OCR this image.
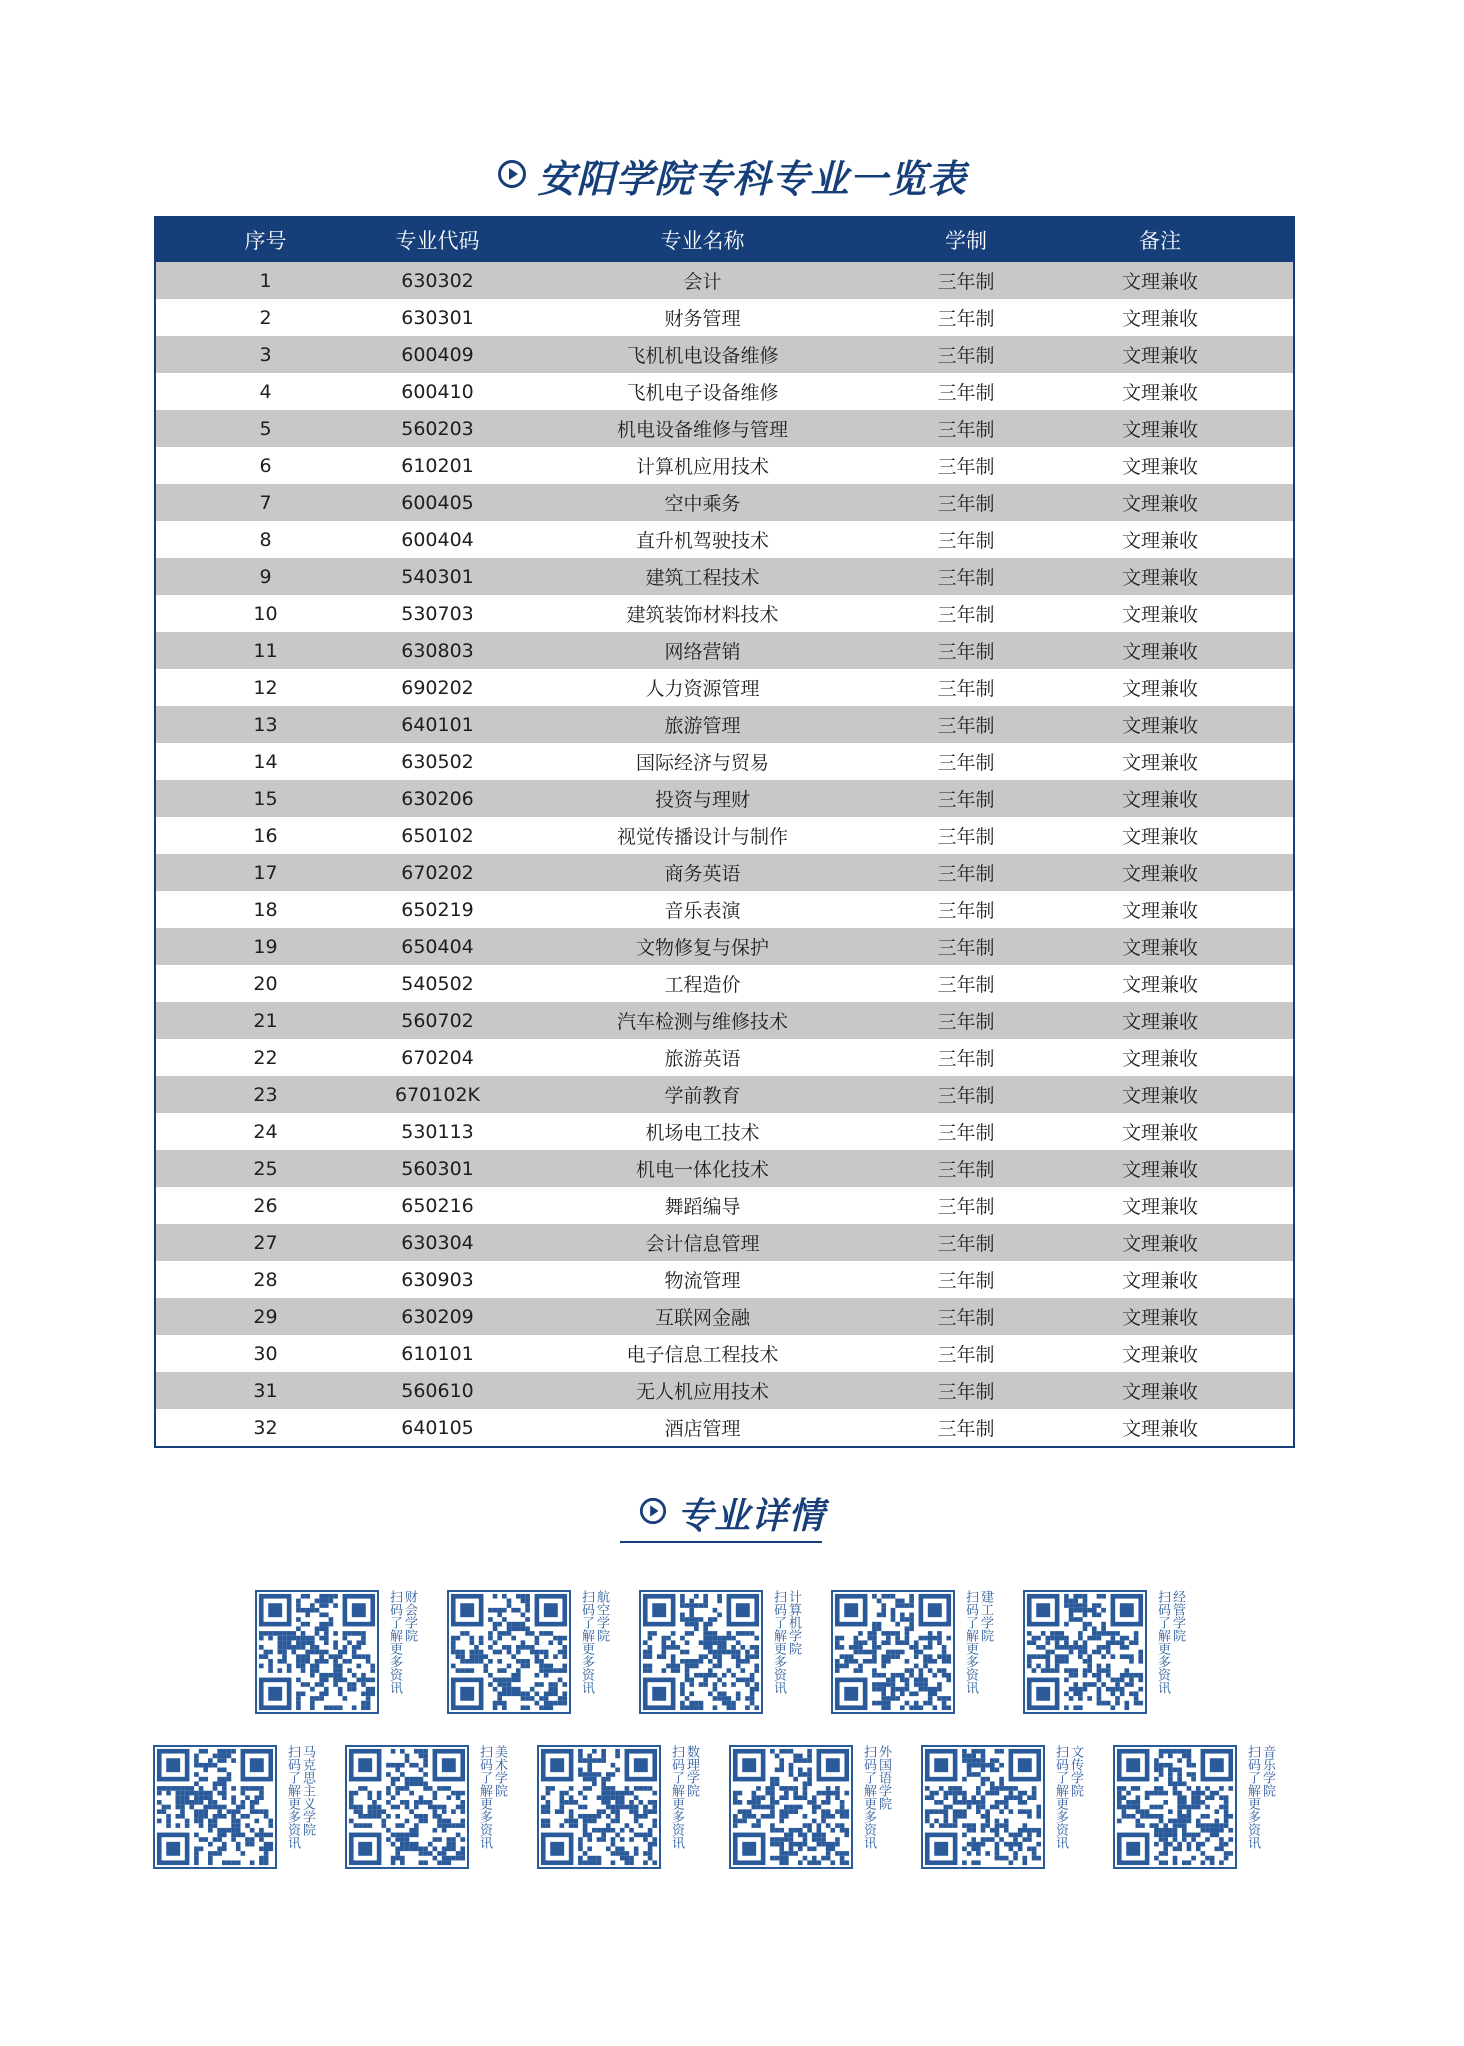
安阳学院专科专业一览表
序号	专业代码	专业名称	学制	备注
1	630302	会计	三年制	文理兼收
2	630301	财务管理	三年制	文理兼收
3	600409	飞机机电设备维修	三年制	文理兼收
4	600410	飞机电子设备维修	三年制	文理兼收
5	560203	机电设备维修与管理	三年制	文理兼收
6	610201	计算机应用技术	三年制	文理兼收
7	600405	空中乘务	三年制	文理兼收
8	600404	直升机驾驶技术	三年制	文理兼收
9	540301	建筑工程技术	三年制	文理兼收
10	530703	建筑装饰材料技术	三年制	文理兼收
11	630803	网络营销	三年制	文理兼收
12	690202	人力资源管理	三年制	文理兼收
13	640101	旅游管理	三年制	文理兼收
14	630502	国际经济与贸易	三年制	文理兼收
15	630206	投资与理财	三年制	文理兼收
16	650102	视觉传播设计与制作	三年制	文理兼收
17	670202	商务英语	三年制	文理兼收
18	650219	音乐表演	三年制	文理兼收
19	650404	文物修复与保护	三年制	文理兼收
20	540502	工程造价	三年制	文理兼收
21	560702	汽车检测与维修技术	三年制	文理兼收
22	670204	旅游英语	三年制	文理兼收
23	670102K	学前教育	三年制	文理兼收
24	530113	机场电工技术	三年制	文理兼收
25	560301	机电一体化技术	三年制	文理兼收
26	650216	舞蹈编导	三年制	文理兼收
27	630304	会计信息管理	三年制	文理兼收
28	630903	物流管理	三年制	文理兼收
29	630209	互联网金融	三年制	文理兼收
30	610101	电子信息工程技术	三年制	文理兼收
31	560610	无人机应用技术	三年制	文理兼收
32	640105	酒店管理	三年制	文理兼收
专业详情
财会学院
扫码了解更多资讯	航空学院
扫码了解更多资讯	计算机学院
扫码了解更多资讯	建工学院
扫码了解更多资讯	经管学院
扫码了解更多资讯
马克思主义学院
扫码了解更多资讯	美术学院
扫码了解更多资讯	数理学院
扫码了解更多资讯	外国语学院
扫码了解更多资讯	文传学院
扫码了解更多资讯	音乐学院
扫码了解更多资讯
